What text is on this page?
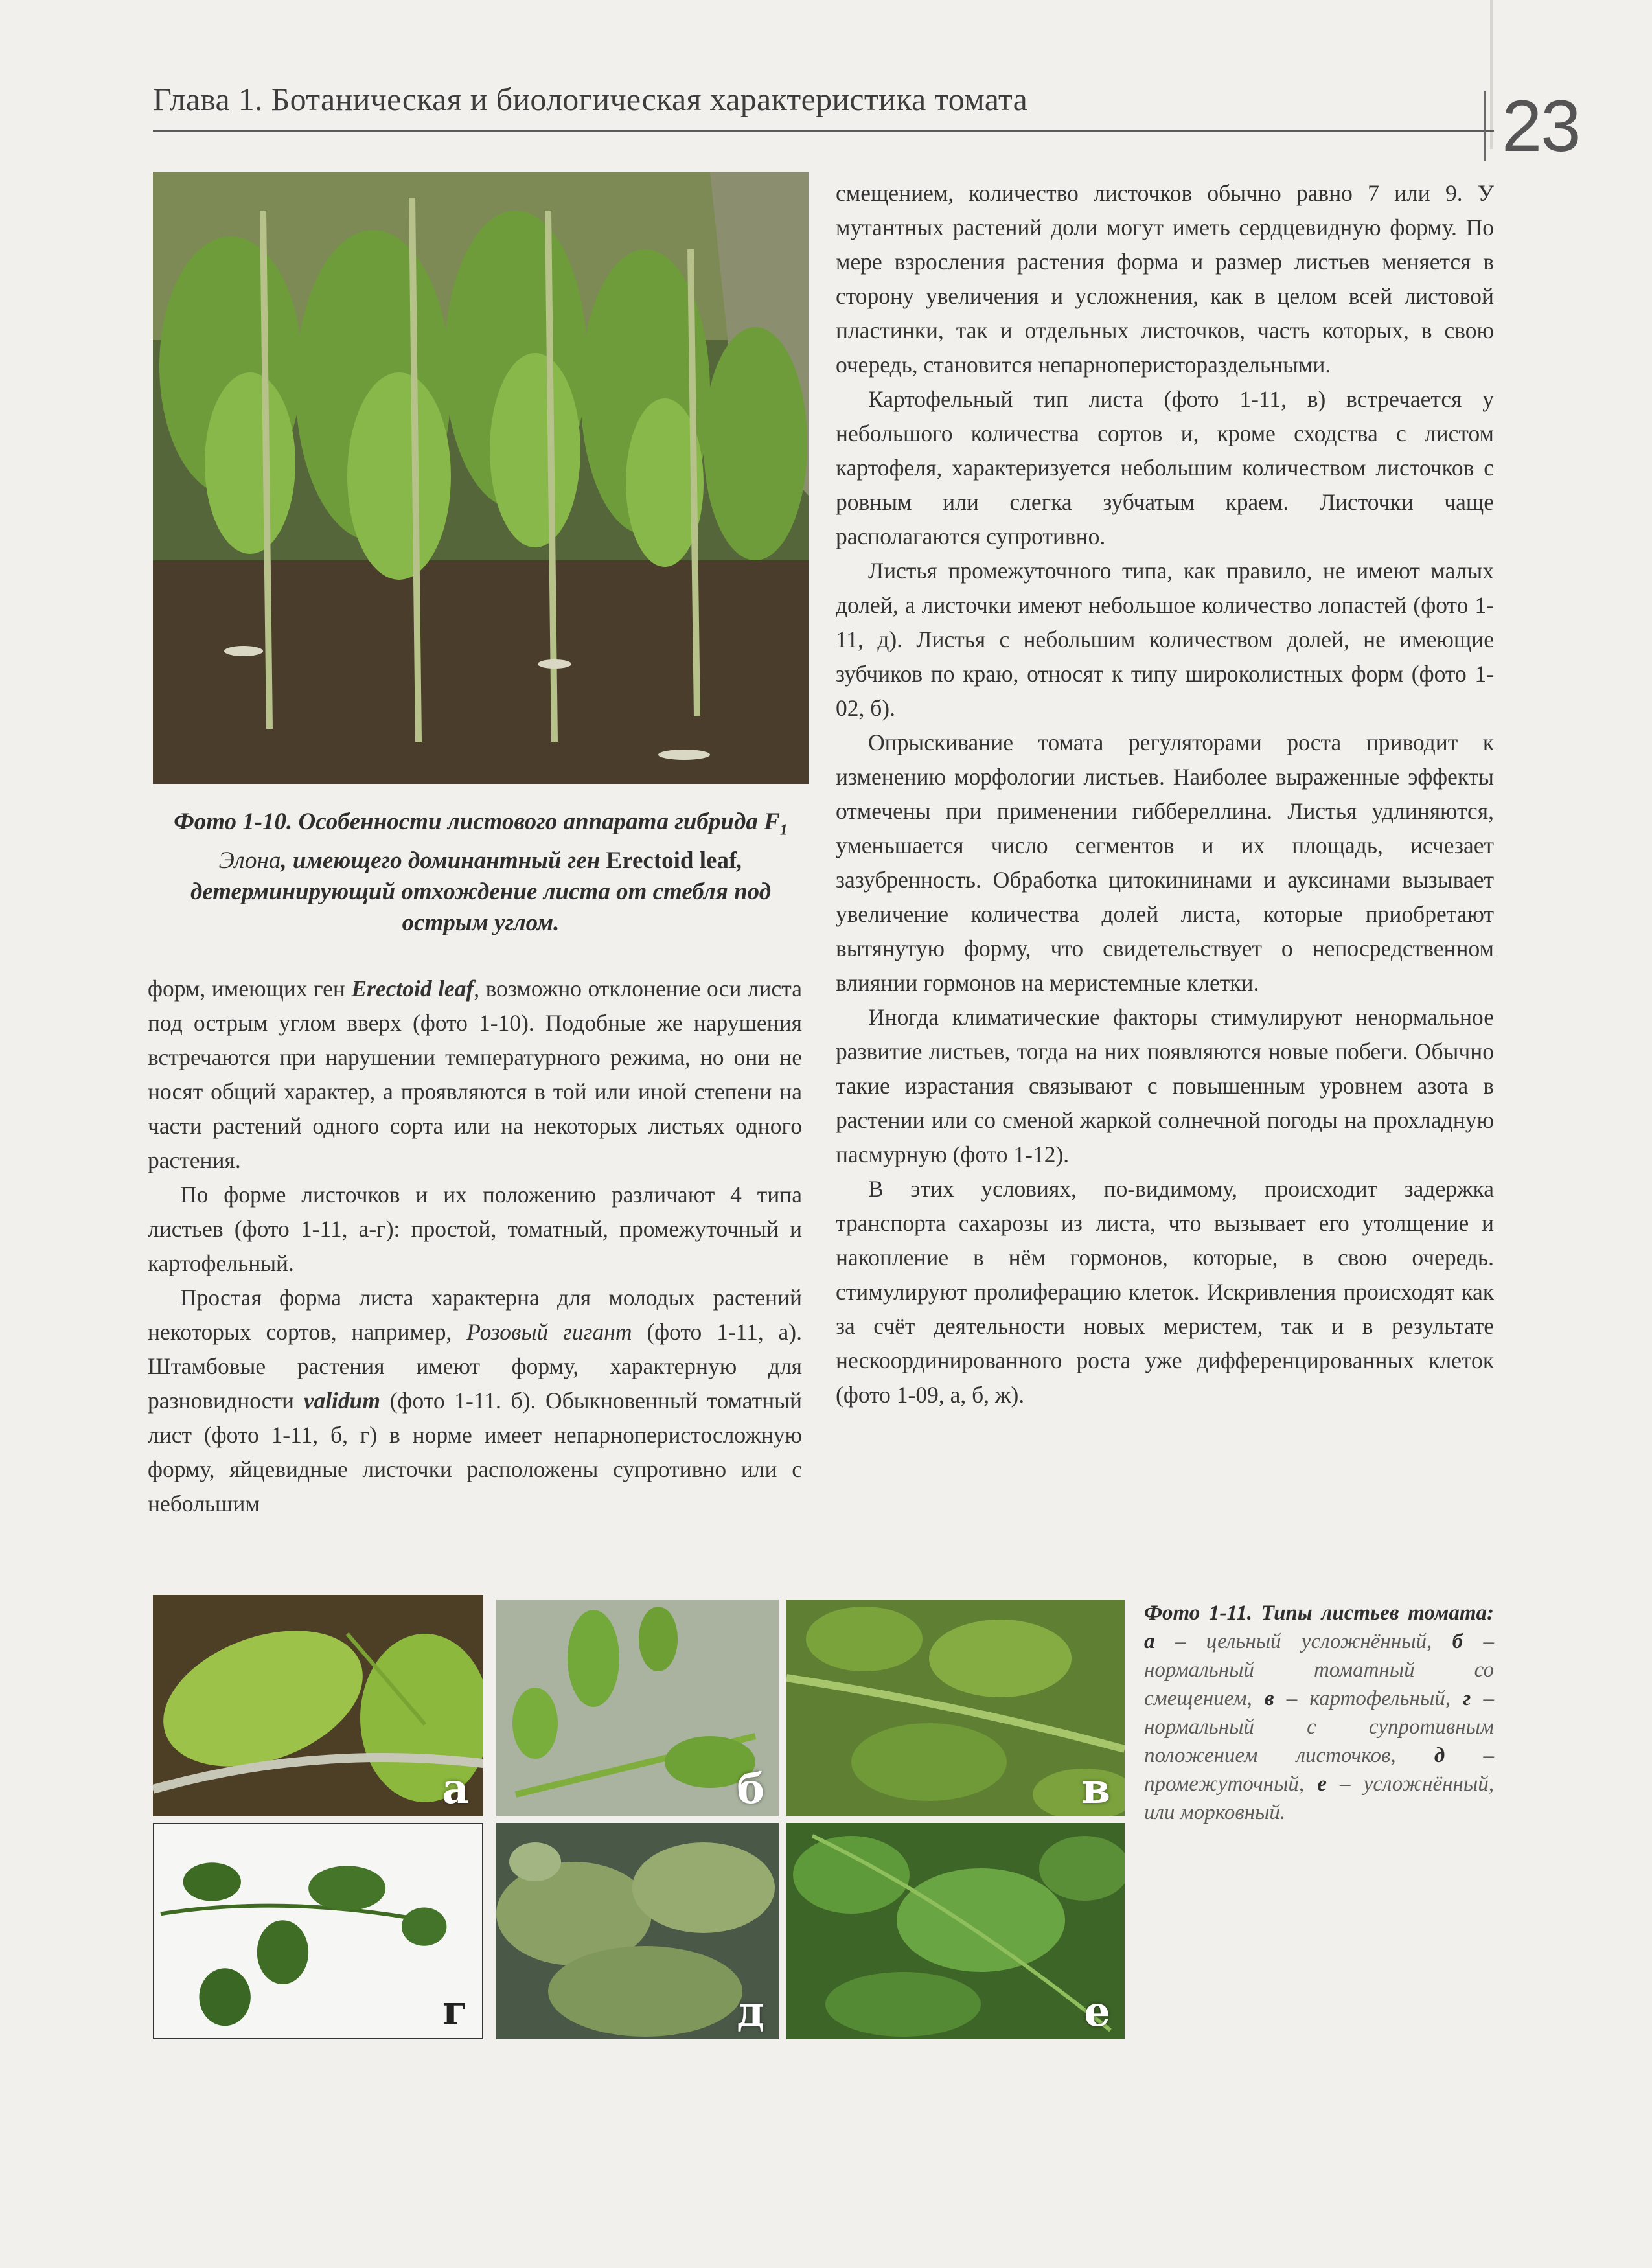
Глава 1. Ботаническая и биологическая характеристика томата	23
Фото 1-10. Особенности листового аппарата гибрида $F_1$ Элона, имеющего доминантный ген Erectoid leaf, детерминирующий отхождение листа от стебля под острым углом.

форм, имеющих ген Erectoid leaf, возможно отклонение оси листа под острым углом вверх (фото 1-10). Подобные же нарушения встречаются при нарушении температурного режима, но они не носят общий характер, а проявляются в той или иной степени на части растений одного сорта или на некоторых листьях одного растения.

По форме листочков и их положению различают 4 типа листьев (фото 1-11, а-г): простой, томатный, промежуточный и картофельный.

Простая форма листа характерна для молодых растений некоторых сортов, например, Розовый гигант (фото 1-11, а). Штамбовые растения имеют форму, характерную для разновидности validum (фото 1-11. б). Обыкновенный томатный лист (фото 1-11, б, г) в норме имеет непарноперистосложную форму, яйцевидные листочки расположены супротивно или с небольшим

смещением, количество листочков обычно равно 7 или 9. У мутантных растений доли могут иметь сердцевидную форму. По мере взросления растения форма и размер листьев меняется в сторону увеличения и усложнения, как в целом всей листовой пластинки, так и отдельных листочков, часть которых, в свою очередь, становится непарноперистораздельными.

Картофельный тип листа (фото 1-11, в) встречается у небольшого количества сортов и, кроме сходства с листом картофеля, характеризуется небольшим количеством листочков с ровным или слегка зубчатым краем. Листочки чаще располагаются супротивно.

Листья промежуточного типа, как правило, не имеют малых долей, а листочки имеют небольшое количество лопастей (фото 1-11, д). Листья с небольшим количеством долей, не имеющие зубчиков по краю, относят к типу широколистных форм (фото 1-02, б).

Опрыскивание томата регуляторами роста приводит к изменению морфологии листьев. Наиболее выраженные эффекты отмечены при применении гиббереллина. Листья удлиняются, уменьшается число сегментов и их площадь, исчезает зазубренность. Обработка цитокининами и ауксинами вызывает увеличение количества долей листа, которые приобретают вытянутую форму, что свидетельствует о непосредственном влиянии гормонов на меристемные клетки.

Иногда климатические факторы стимулируют ненормальное развитие листьев, тогда на них появляются новые побеги. Обычно такие израстания связывают с повышенным уровнем азота в растении или со сменой жаркой солнечной погоды на прохладную пасмурную (фото 1-12).

В этих условиях, по-видимому, происходит задержка транспорта сахарозы из листа, что вызывает его утолщение и накопление в нём гормонов, которые, в свою очередь. стимулируют пролиферацию клеток. Искривления происходят как за счёт деятельности новых меристем, так и в результате нескоординированного роста уже дифференцированных клеток (фото 1-09, а, б, ж).

а	б	в
г	д	е
Фото 1-11. Типы листьев томата: а – цельный усложнённый, б – нормальный томатный со смещением, в – картофельный, г – нормальный с супротивным положением листочков, д – промежуточный, е – усложнённый, или морковный.
